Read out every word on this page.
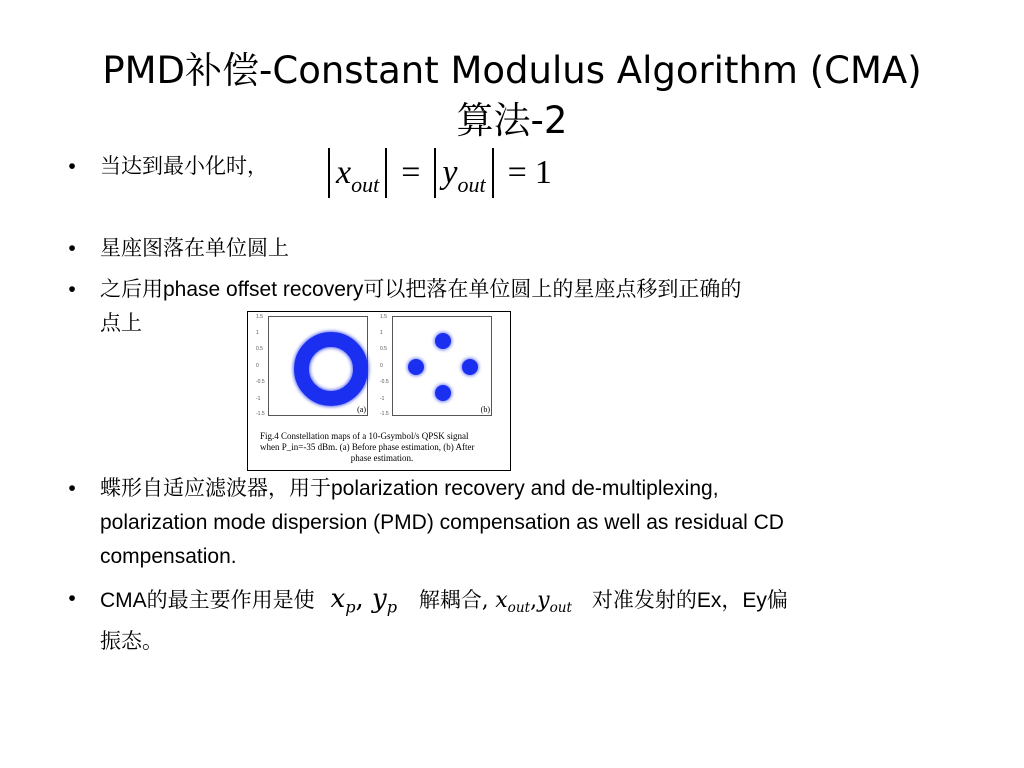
PMD补偿-Constant Modulus Algorithm (CMA)
算法-2
•	当达到最小化时， x out = y out = 1
•	星座图落在单位圆上
•	之后用phase offset recovery可以把落在单位圆上的星座点移到正确的
点上	1.5
1
0.5
0
-0.5
-1
-1.5	(a)
1.5
1
0.5
0
-0.5
-1
-1.5	(b)
Fig.4 Constellation maps of a 10-Gsymbol/s QPSK signal
when P_in=-35 dBm. (a) Before phase estimation, (b) After
phase estimation.
•	蝶形自适应滤波器，用于polarization recovery and de-multiplexing,
polarization mode dispersion (PMD) compensation as well as residual CD
compensation.
•	CMA的最主要作用是使 $x_p$, $y_p$ 解耦合, $x_{out},y_{out}$ 对准发射的Ex，Ey偏
振态。
